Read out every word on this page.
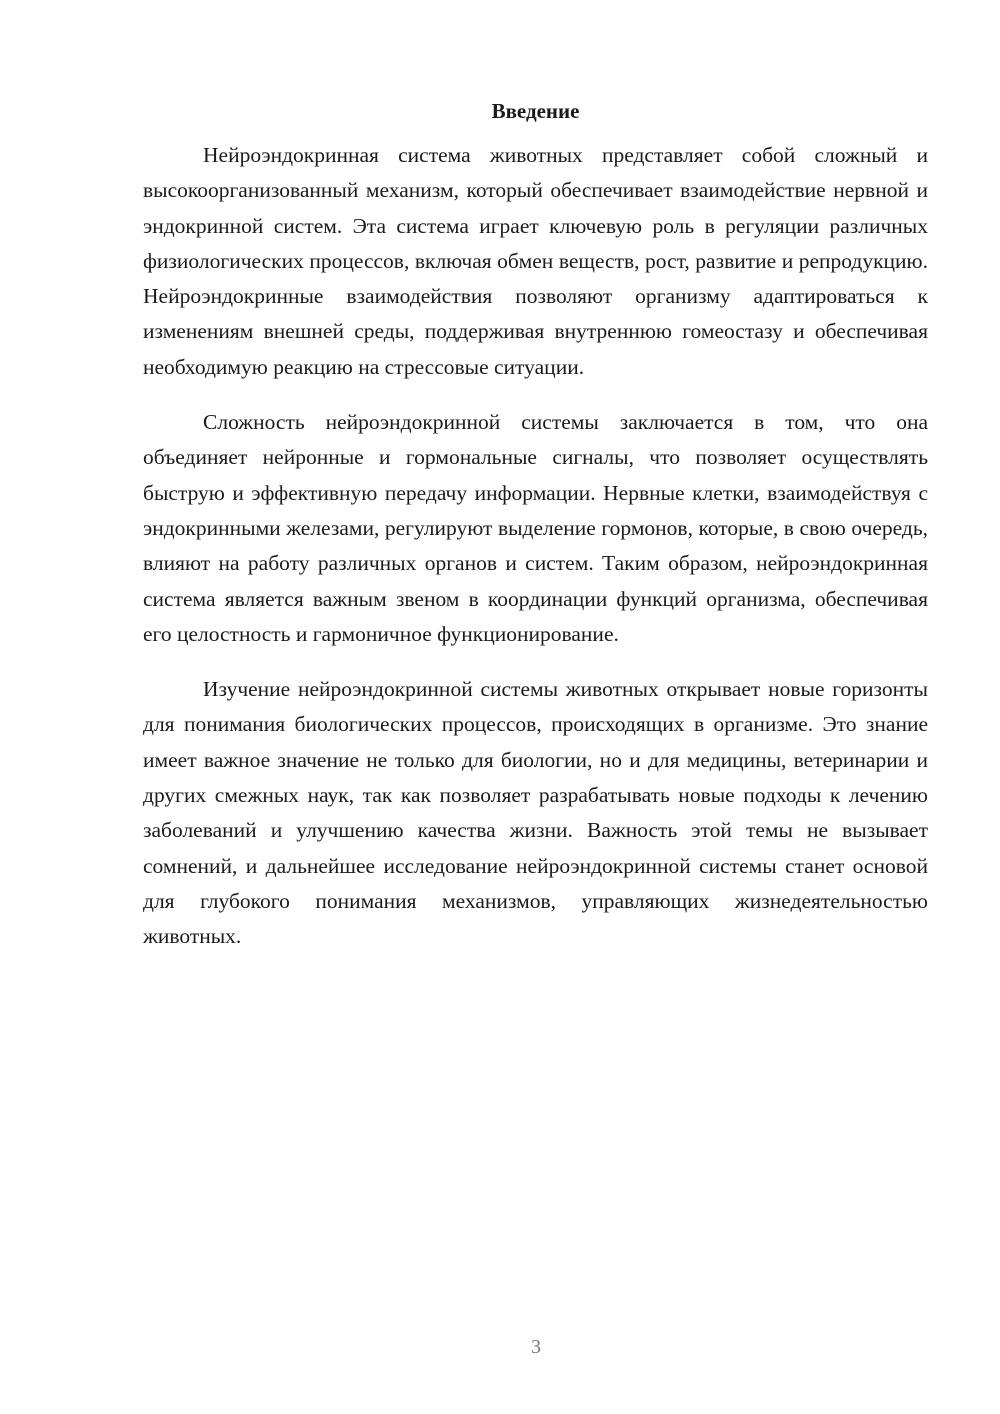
Введение

Нейроэндокринная система животных представляет собой сложный и высокоорганизованный механизм, который обеспечивает взаимодействие нервной и эндокринной систем. Эта система играет ключевую роль в регуляции различных физиологических процессов, включая обмен веществ, рост, развитие и репродукцию. Нейроэндокринные взаимодействия позволяют организму адаптироваться к изменениям внешней среды, поддерживая внутреннюю гомеостазу и обеспечивая необходимую реакцию на стрессовые ситуации.

Сложность нейроэндокринной системы заключается в том, что она объединяет нейронные и гормональные сигналы, что позволяет осуществлять быструю и эффективную передачу информации. Нервные клетки, взаимодействуя с эндокринными железами, регулируют выделение гормонов, которые, в свою очередь, влияют на работу различных органов и систем. Таким образом, нейроэндокринная система является важным звеном в координации функций организма, обеспечивая его целостность и гармоничное функционирование.

Изучение нейроэндокринной системы животных открывает новые горизонты для понимания биологических процессов, происходящих в организме. Это знание имеет важное значение не только для биологии, но и для медицины, ветеринарии и других смежных наук, так как позволяет разрабатывать новые подходы к лечению заболеваний и улучшению качества жизни. Важность этой темы не вызывает сомнений, и дальнейшее исследование нейроэндокринной системы станет основой для глубокого понимания механизмов, управляющих жизнедеятельностью животных.

3
